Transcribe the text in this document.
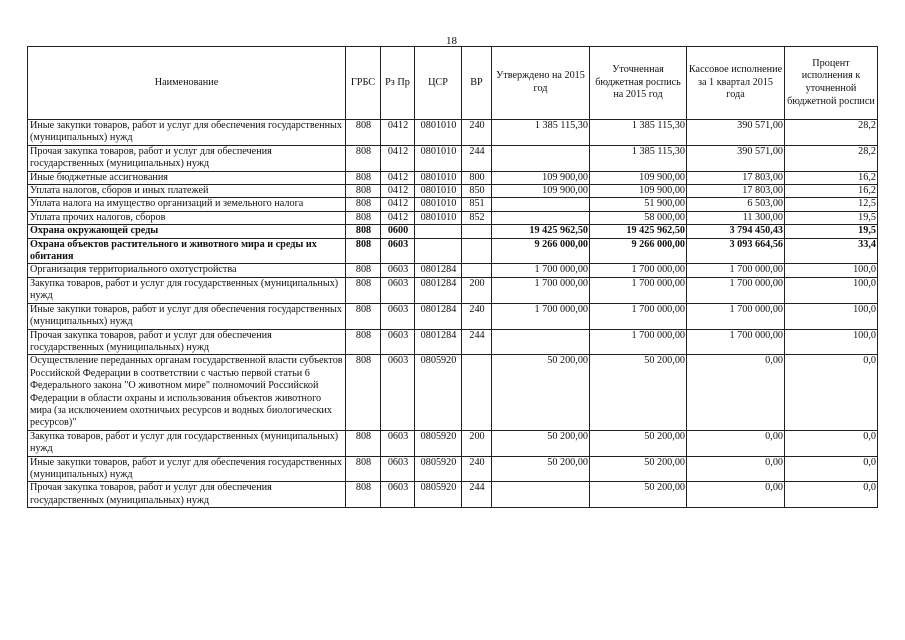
18
Наименование	ГРБС	Рз Пр	ЦСР	ВР	Утверждено на 2015 год	Уточненная бюджетная роспись на 2015 год	Кассовое исполнение за 1 квартал 2015 года	Процент исполнения к уточненной бюджетной росписи
Иные закупки товаров, работ и услуг для обеспечения государственных (муниципальных) нужд	808	0412	0801010	240	1 385 115,30	1 385 115,30	390 571,00	28,2
Прочая закупка товаров, работ и услуг для обеспечения государственных (муниципальных) нужд	808	0412	0801010	244		1 385 115,30	390 571,00	28,2
Иные бюджетные ассигнования	808	0412	0801010	800	109 900,00	109 900,00	17 803,00	16,2
Уплата налогов, сборов и иных платежей	808	0412	0801010	850	109 900,00	109 900,00	17 803,00	16,2
Уплата налога на имущество организаций и земельного налога	808	0412	0801010	851		51 900,00	6 503,00	12,5
Уплата прочих налогов, сборов	808	0412	0801010	852		58 000,00	11 300,00	19,5
Охрана окружающей среды	808	0600			19 425 962,50	19 425 962,50	3 794 450,43	19,5
Охрана объектов растительного и животного мира и среды их обитания	808	0603			9 266 000,00	9 266 000,00	3 093 664,56	33,4
Организация территориального охотустройства	808	0603	0801284		1 700 000,00	1 700 000,00	1 700 000,00	100,0
Закупка товаров, работ и услуг для государственных (муниципальных) нужд	808	0603	0801284	200	1 700 000,00	1 700 000,00	1 700 000,00	100,0
Иные закупки товаров, работ и услуг для обеспечения государственных (муниципальных) нужд	808	0603	0801284	240	1 700 000,00	1 700 000,00	1 700 000,00	100,0
Прочая закупка товаров, работ и услуг для обеспечения государственных (муниципальных) нужд	808	0603	0801284	244		1 700 000,00	1 700 000,00	100,0
Осуществление переданных органам государственной власти субъектов Российской Федерации в соответствии с частью первой статьи 6 Федерального закона "О животном мире" полномочий Российской Федерации в области охраны и использования объектов животного мира (за исключением охотничьих ресурсов и водных биологических ресурсов)"	808	0603	0805920		50 200,00	50 200,00	0,00	0,0
Закупка товаров, работ и услуг для государственных (муниципальных) нужд	808	0603	0805920	200	50 200,00	50 200,00	0,00	0,0
Иные закупки товаров, работ и услуг для обеспечения государственных (муниципальных) нужд	808	0603	0805920	240	50 200,00	50 200,00	0,00	0,0
Прочая закупка товаров, работ и услуг для обеспечения государственных (муниципальных) нужд	808	0603	0805920	244		50 200,00	0,00	0,0
